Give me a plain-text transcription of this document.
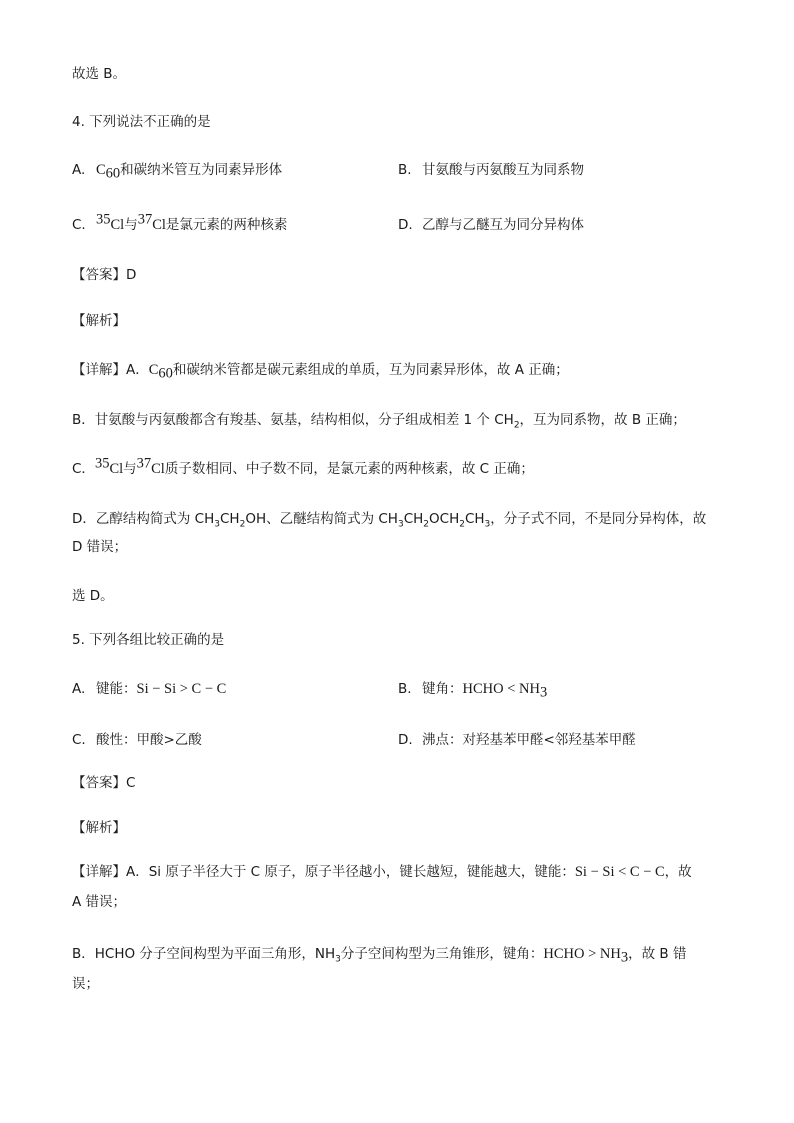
故选 B。
4. 下列说法不正确的是
A. $C_{60}$和碳纳米管互为同素异形体	B. 甘氨酸与丙氨酸互为同系物
C. $^{35}$Cl与$^{37}$Cl是氯元素的两种核素	D. 乙醇与乙醚互为同分异构体
【答案】D
【解析】
【详解】A．$C_{60}$和碳纳米管都是碳元素组成的单质，互为同素异形体，故 A 正确；
B．甘氨酸与丙氨酸都含有羧基、氨基，结构相似，分子组成相差 1 个 $CH_2$，互为同系物，故 B 正确；
C．$^{35}$Cl与$^{37}$Cl质子数相同、中子数不同，是氯元素的两种核素，故 C 正确；
D．乙醇结构简式为 $CH_3CH_2OH$、乙醚结构简式为 $CH_3CH_2OCH_2CH_3$，分子式不同，不是同分异构体，故
D 错误；
选 D。
5. 下列各组比较正确的是
A. 键能：Si − Si > C − C	B. 键角：HCHO < $NH_3$
C. 酸性：甲酸>乙酸	D. 沸点：对羟基苯甲醛<邻羟基苯甲醛
【答案】C
【解析】
【详解】A．Si 原子半径大于 C 原子，原子半径越小，键长越短，键能越大，键能：Si − Si < C − C，故
A 错误；
B．HCHO 分子空间构型为平面三角形，$NH_3$分子空间构型为三角锥形，键角：HCHO > $NH_3$，故 B 错
误；
